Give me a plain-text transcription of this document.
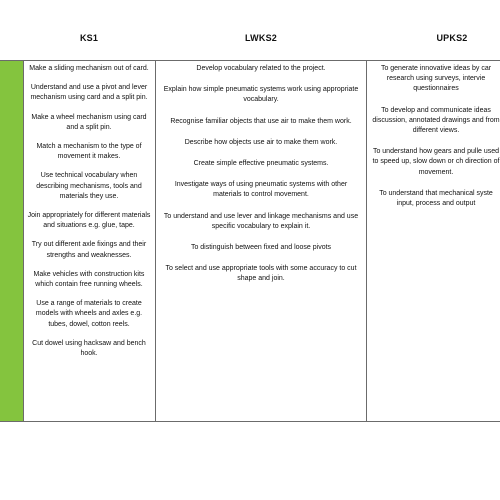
KS1	LWKS2	UPKS2

Make a sliding mechanism out of card.

Understand and use a pivot and lever mechanism using card and a split pin.

Make a wheel mechanism using card and a split pin.

Match a mechanism to the type of movement it makes.

Use technical vocabulary when describing mechanisms, tools and materials they use.

Join appropriately for different materials and situations e.g. glue, tape.

Try out different axle fixings and their strengths and weaknesses.

Make vehicles with construction kits which contain free running wheels.

Use a range of materials to create models with wheels and axles e.g. tubes, dowel, cotton reels.

Cut dowel using hacksaw and bench hook.

Develop vocabulary related to the project.

Explain how simple pneumatic systems work using appropriate vocabulary.

Recognise familiar objects that use air to make them work.

Describe how objects use air to make them work.

Create simple effective pneumatic systems.

Investigate ways of using pneumatic systems with other materials to control movement.

To understand and use lever and linkage mechanisms and use specific vocabulary to explain it.

To distinguish between fixed and loose pivots

To select and use appropriate tools with some accuracy to cut shape and join.

To generate innovative ideas by car research using surveys, intervie questionnaires

To develop and communicate ideas discussion, annotated drawings and from different views.

To understand how gears and pulle used to speed up, slow down or ch direction of movement.

To understand that mechanical syste input, process and output
